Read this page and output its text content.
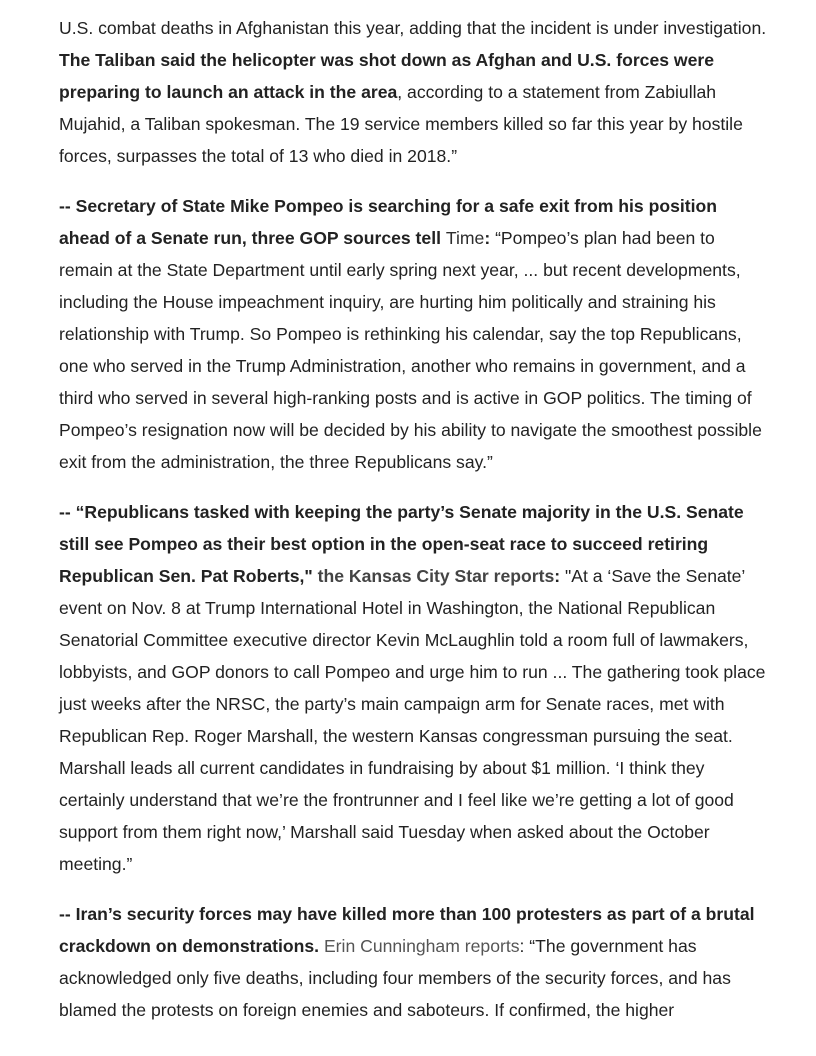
U.S. combat deaths in Afghanistan this year, adding that the incident is under investigation. The Taliban said the helicopter was shot down as Afghan and U.S. forces were preparing to launch an attack in the area, according to a statement from Zabiullah Mujahid, a Taliban spokesman. The 19 service members killed so far this year by hostile forces, surpasses the total of 13 who died in 2018.”

-- Secretary of State Mike Pompeo is searching for a safe exit from his position ahead of a Senate run, three GOP sources tell Time: “Pompeo’s plan had been to remain at the State Department until early spring next year, ... but recent developments, including the House impeachment inquiry, are hurting him politically and straining his relationship with Trump. So Pompeo is rethinking his calendar, say the top Republicans, one who served in the Trump Administration, another who remains in government, and a third who served in several high-ranking posts and is active in GOP politics. The timing of Pompeo’s resignation now will be decided by his ability to navigate the smoothest possible exit from the administration, the three Republicans say.”

-- “Republicans tasked with keeping the party’s Senate majority in the U.S. Senate still see Pompeo as their best option in the open-seat race to succeed retiring Republican Sen. Pat Roberts," the Kansas City Star reports: "At a ‘Save the Senate’ event on Nov. 8 at Trump International Hotel in Washington, the National Republican Senatorial Committee executive director Kevin McLaughlin told a room full of lawmakers, lobbyists, and GOP donors to call Pompeo and urge him to run ... The gathering took place just weeks after the NRSC, the party’s main campaign arm for Senate races, met with Republican Rep. Roger Marshall, the western Kansas congressman pursuing the seat. Marshall leads all current candidates in fundraising by about $1 million. ‘I think they certainly understand that we’re the frontrunner and I feel like we’re getting a lot of good support from them right now,’ Marshall said Tuesday when asked about the October meeting.”

-- Iran’s security forces may have killed more than 100 protesters as part of a brutal crackdown on demonstrations. Erin Cunningham reports: “The government has acknowledged only five deaths, including four members of the security forces, and has blamed the protests on foreign enemies and saboteurs. If confirmed, the higher
